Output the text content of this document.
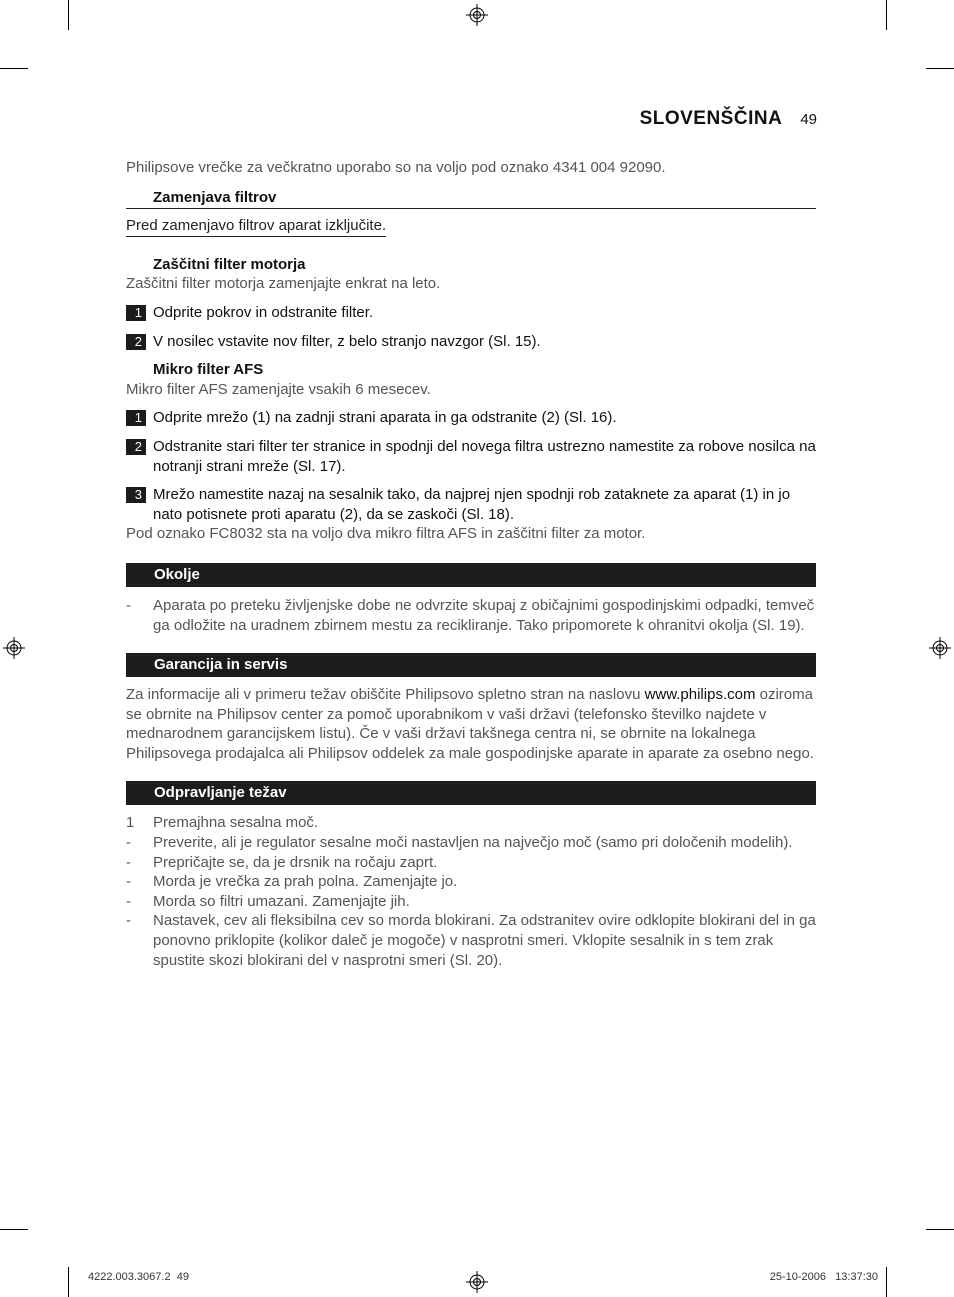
SLOVENŠČINA 49
Philipsove vrečke za večkratno uporabo so na voljo pod oznako 4341 004 92090.
Zamenjava filtrov
Pred zamenjavo filtrov aparat izključite.
Zaščitni filter motorja
Zaščitni filter motorja zamenjajte enkrat na leto.
1 Odprite pokrov in odstranite filter.
2 V nosilec vstavite nov filter, z belo stranjo navzgor (Sl. 15).
Mikro filter AFS
Mikro filter AFS zamenjajte vsakih 6 mesecev.
1 Odprite mrežo (1) na zadnji strani aparata in ga odstranite (2) (Sl. 16).
2 Odstranite stari filter ter stranice in spodnji del novega filtra ustrezno namestite za robove nosilca na notranji strani mreže (Sl. 17).
3 Mrežo namestite nazaj na sesalnik tako, da najprej njen spodnji rob zataknete za aparat (1) in jo nato potisnete proti aparatu (2), da se zaskoči (Sl. 18).
Pod oznako FC8032 sta na voljo dva mikro filtra AFS in zaščitni filter za motor.
Okolje
-	Aparata po preteku življenjske dobe ne odvrzite skupaj z običajnimi gospodinjskimi odpadki, temveč ga odložite na uradnem zbirnem mestu za recikliranje. Tako pripomorete k ohranitvi okolja (Sl. 19).
Garancija in servis
Za informacije ali v primeru težav obiščite Philipsovo spletno stran na naslovu www.philips.com oziroma se obrnite na Philipsov center za pomoč uporabnikom v vaši državi (telefonsko številko najdete v mednarodnem garancijskem listu). Če v vaši državi takšnega centra ni, se obrnite na lokalnega Philipsovega prodajalca ali Philipsov oddelek za male gospodinjske aparate in aparate za osebno nego.
Odpravljanje težav
1	Premajhna sesalna moč.
-	Preverite, ali je regulator sesalne moči nastavljen na največjo moč (samo pri določenih modelih).
-	Prepričajte se, da je drsnik na ročaju zaprt.
-	Morda je vrečka za prah polna. Zamenjajte jo.
-	Morda so filtri umazani. Zamenjajte jih.
-	Nastavek, cev ali fleksibilna cev so morda blokirani. Za odstranitev ovire odklopite blokirani del in ga ponovno priklopite (kolikor daleč je mogoče) v nasprotni smeri. Vklopite sesalnik in s tem zrak spustite skozi blokirani del v nasprotni smeri (Sl. 20).
4222.003.3067.2 49	25-10-2006 13:37:30
